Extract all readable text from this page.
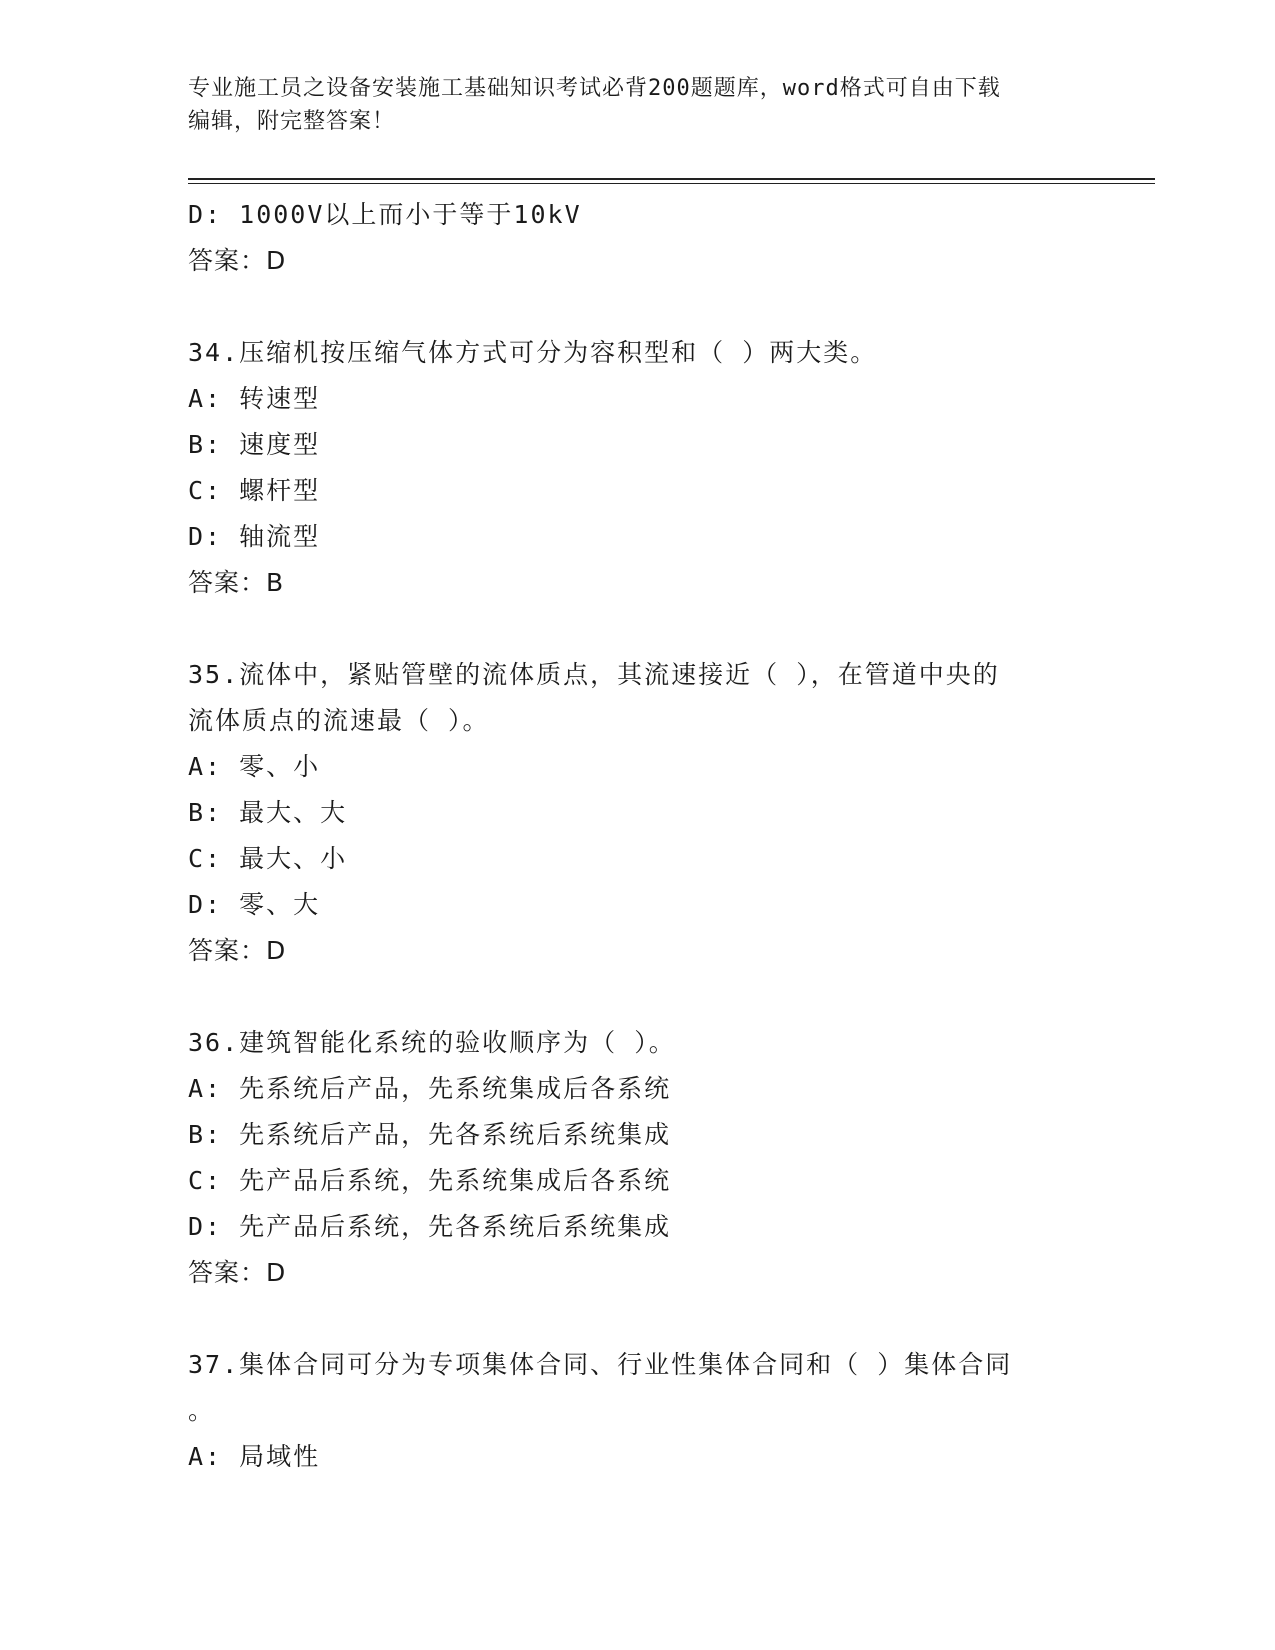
专业施工员之设备安装施工基础知识考试必背200题题库，word格式可自由下载
编辑，附完整答案！
D: 1000V以上而小于等于10kV
答案：D
34.压缩机按压缩气体方式可分为容积型和（ ）两大类。
A: 转速型
B: 速度型
C: 螺杆型
D: 轴流型
答案：B
35.流体中，紧贴管壁的流体质点，其流速接近（ ），在管道中央的
流体质点的流速最（ ）。
A: 零、小
B: 最大、大
C: 最大、小
D: 零、大
答案：D
36.建筑智能化系统的验收顺序为（ ）。
A: 先系统后产品，先系统集成后各系统
B: 先系统后产品，先各系统后系统集成
C: 先产品后系统，先系统集成后各系统
D: 先产品后系统，先各系统后系统集成
答案：D
37.集体合同可分为专项集体合同、行业性集体合同和（ ）集体合同
。
A: 局域性
